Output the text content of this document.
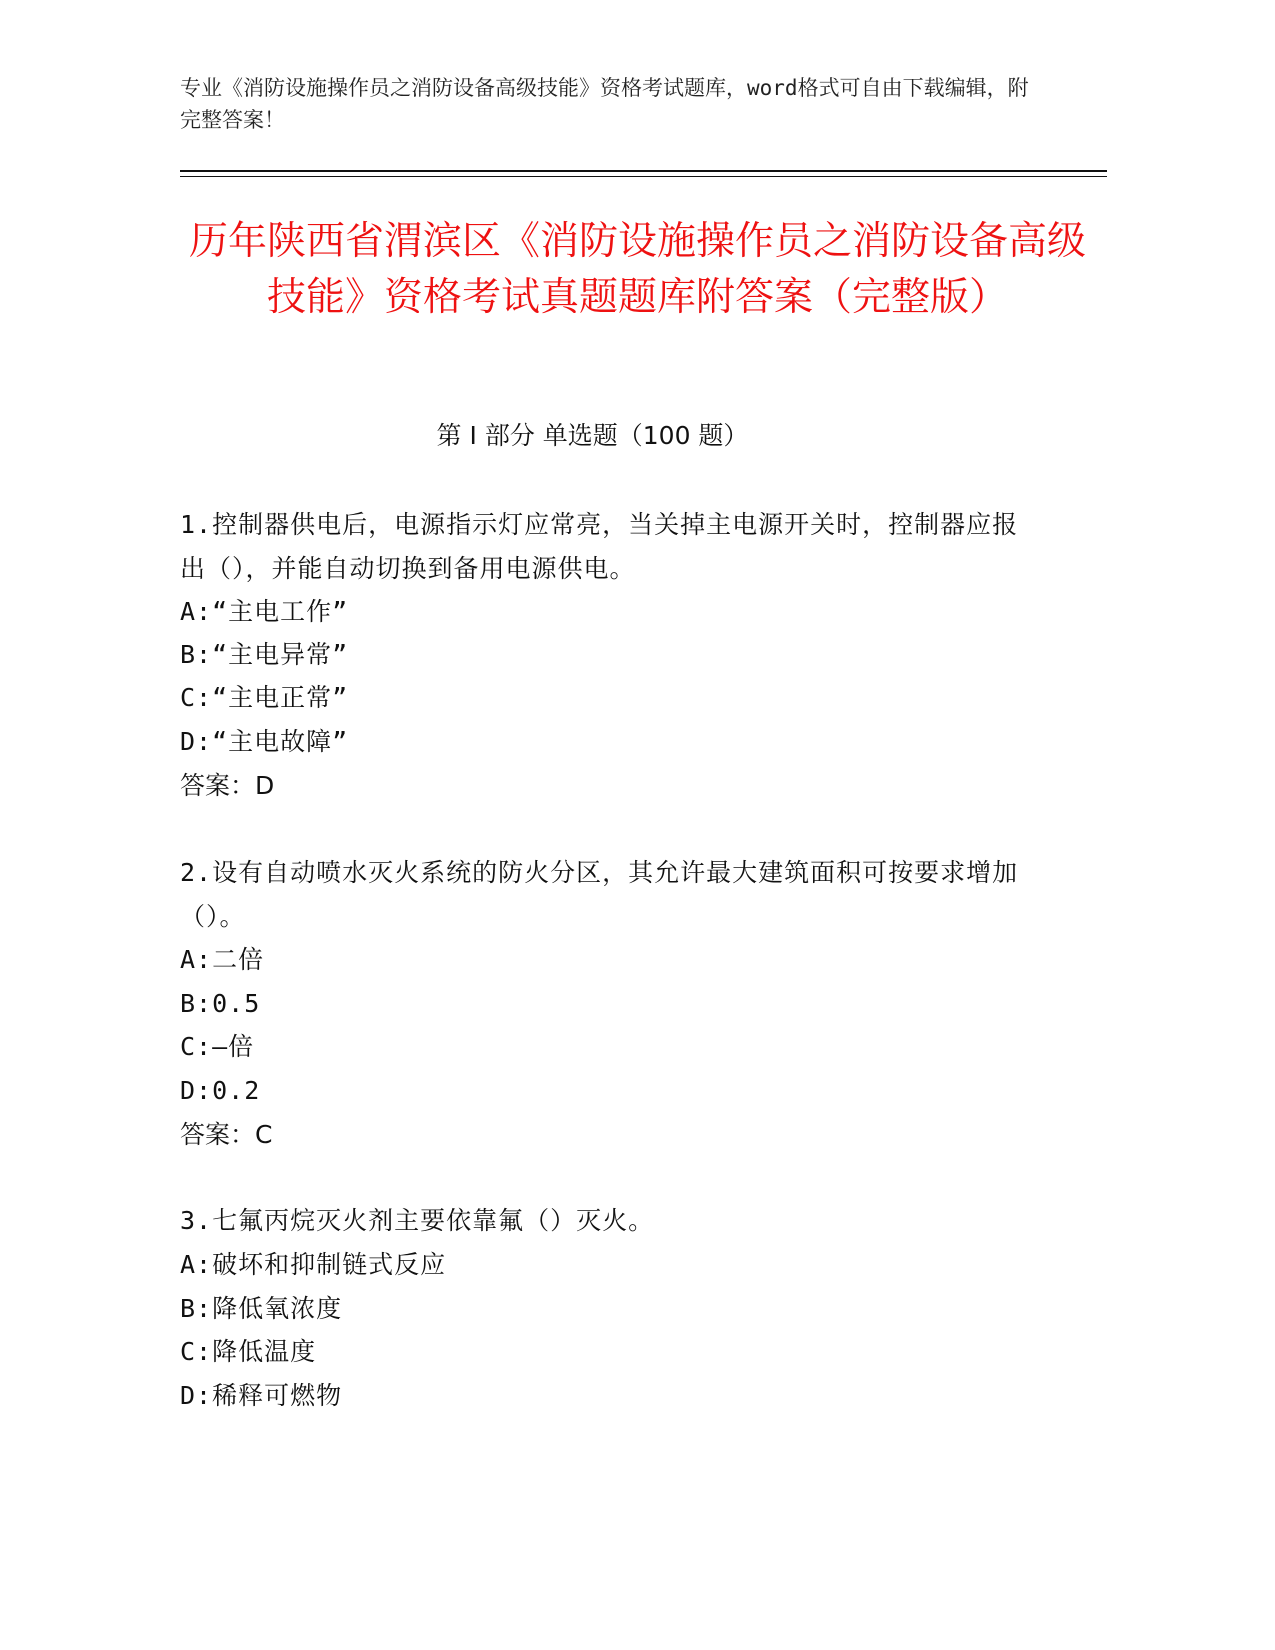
专业《消防设施操作员之消防设备高级技能》资格考试题库，word格式可自由下载编辑，附完整答案！
历年陕西省渭滨区《消防设施操作员之消防设备高级技能》资格考试真题题库附答案（完整版）
第 I 部分 单选题（100 题）
1.控制器供电后，电源指示灯应常亮，当关掉主电源开关时，控制器应报出（），并能自动切换到备用电源供电。
A:“主电工作”
B:“主电异常”
C:“主电正常”
D:“主电故障”
答案：D
2.设有自动喷水灭火系统的防火分区，其允许最大建筑面积可按要求增加（）。
A:二倍
B:0.5
C:—倍
D:0.2
答案：C
3.七氟丙烷灭火剂主要依靠氟（）灭火。
A:破坏和抑制链式反应
B:降低氧浓度
C:降低温度
D:稀释可燃物
